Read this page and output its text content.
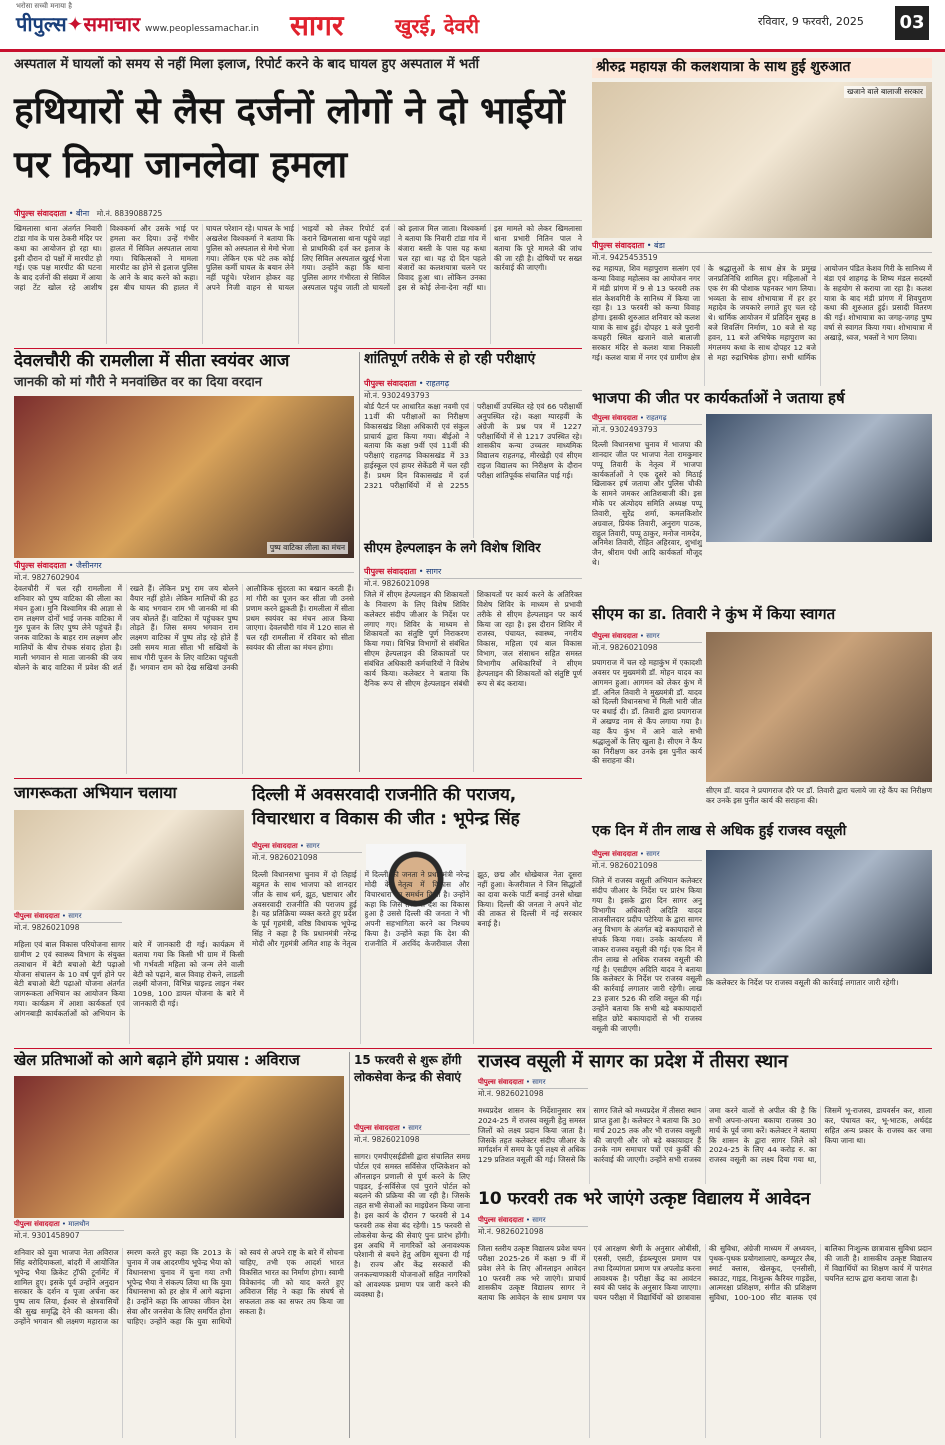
भरोसा सच्ची मनाया है
पीपुल्स✦समाचार www.peoplessamachar.in सागर	खुरई, देवरी	रविवार, 9 फरवरी, 2025 03
अस्पताल में घायलों को समय से नहीं मिला इलाज, रिपोर्ट करने के बाद घायल हुए अस्पताल में भर्ती
हथियारों से लैस दर्जनों लोगों ने दो भाईयों पर किया जानलेवा हमला
पीपुल्स संवाददाता • बीना मो.नं. 8839088725
खिमलासा थाना अंतर्गत निवारी टांडा गांव के पास ठेकरी मंदिर पर कथा का आयोजन हो रहा था। इसी दौरान दो पक्षों में मारपीट हो गई। एक पक्ष मारपीट की घटना के बाद दर्जनों की संख्या में आया जहां टेंट खोल रहे आशीष विश्वकर्मा और उसके भाई पर हमला कर दिया। उन्हें गंभीर हालत में सिविल अस्पताल लाया गया। चिकित्सकों ने मामला मारपीट का होने से इलाज पुलिस के आने के बाद करने को कहा। इस बीच घायल की हालत में घायल परेशान रहे। घायल के भाई अखलेश विश्वकर्मा ने बताया कि पुलिस को अस्पताल से मेमो भेजा गया। लेकिन एक घंटे तक कोई पुलिस कर्मी घायल के बयान लेने नहीं पहुंचे। परेशान होकर वह अपने निजी वाहन से घायल भाइयों को लेकर रिपोर्ट दर्ज कराने खिमलासा थाना पहुंचे जहां से प्राथमिकी दर्ज कर इलाज के लिए सिविल अस्पताल खुरई भेजा गया। उन्होंने कहा कि थाना पुलिस आगर गंभीरता से सिविल अस्पताल पहुंच जाती तो घायलों को इलाज मिल जाता। विश्वकर्मा ने बताया कि निवारी टांडा गांव में बंजारा बस्ती के पास यह कथा चल रहा था। यह दो दिन पहले बंजारों का कलशयात्रा चलने पर विवाद हुआ था। लोकिन उनका इस से कोई लेना-देना नहीं था। इस मामले को लेकर खिमलासा थाना प्रभारी नितिन पाल ने बताया कि पूरे मामले की जांच की जा रही है। दोषियों पर सख्त कार्रवाई की जाएगी।
श्रीरुद्र महायज्ञ की कलशयात्रा के साथ हुई शुरुआत
खजाने वाले बालाजी सरकार
पीपुल्स संवाददाता • बंडा
मो.नं. 9425453519
रुद्र महायज्ञ, शिव महापुराण सत्संग एवं कन्या विवाह महोत्सव का आयोजन नगर में मंडी प्रांगण में 9 से 13 फरवरी तक संत केशवगिरी के सानिध्य में किया जा रहा है। 13 फरवरी को कन्या विवाह होगा। इसकी शुरुआत शनिवार को कलश यात्रा के साथ हुई। दोपहर 1 बजे पुरानी कचहरी स्थित खजाने वाले बालाजी सरकार मंदिर से कलश यात्रा निकाली गई। कलश यात्रा में नगर एवं ग्रामीण क्षेत्र के श्रद्धालुओं के साथ क्षेत्र के प्रमुख जनप्रतिनिधि शामिल हुए। महिलाओं ने एक रंग की पोशाक पहनकर भाग लिया। भव्यता के साथ शोभायात्रा में हर हर महादेव के जयकारे लगाते हुए चल रहे थे। धार्मिक आयोजन में प्रतिदिन सुबह 8 बजे शिवलिंग निर्माण, 10 बजे से यह हवन, 11 बजे अभिषेक महापुराण का मंगलमय कथा के साथ दोपहर 12 बजे से महा रुद्राभिषेक होगा। सभी धार्मिक आयोजन पंडित केशव गिरी के सानिध्य में बंडा एवं शाहगढ़ के शिष्य मंडल सदस्यों के सहयोग से कराया जा रहा है। कलश यात्रा के बाद मंडी प्रांगण में शिवपुराण कथा की शुरुआत हुई। प्रसादी वितरण की गई। शोभायात्रा का जगह-जगह पुष्प वर्षा से स्वागत किया गया। शोभायात्रा में अखाड़े, ध्वज, भक्तों ने भाग लिया।
देवलचौरी की रामलीला में सीता स्वयंवर आज
जानकी को मां गौरी ने मनवांछित वर का दिया वरदान
पुष्प वाटिका लीला का मंचन
पीपुल्स संवाददाता • जैसीनगर
मो.नं. 9827602904
देवलचौरी में चल रही रामलीला में शनिवार को पुष्प वाटिका की लीला का मंचन हुआ। मुनि विश्वामित्र की आज्ञा से राम लक्ष्मण दोनों भाई जनक वाटिका में गुरु पूजन के लिए पुष्प लेने पहुंचते हैं। जनक वाटिका के बाहर राम लक्ष्मण और मालियों के बीच रोचक संवाद होता है। माली भगवान से माता जानकी की जय बोलने के बाद वाटिका में प्रवेश की शर्त रखते हैं। लेकिन प्रभु राम जय बोलने वैयार नहीं होते। लेकिन मालियों की हठ के बाद भगवान राम भी जानकी मां की जय बोलते हैं। वाटिका में पहुंचकर पुष्प तोड़ते हैं। जिस समय भगवान राम लक्ष्मण वाटिका में पुष्प तोड़ रहे होते हैं उसी समय माता सीता भी सखियों के साथ गौरी पूजन के लिए वाटिका पहुंचती हैं। भगवान राम को देख सखियां उनकी आलौकिक सुंदरता का बखान करती हैं। मां गौरी का पूजन कर सीता जी उनसे प्रणाम करने झुकती हैं। रामलीला में सीता प्रथम स्वयंवर का मंचन आज किया जाएगा। देवलचौरी गांव में 120 साल से चल रही रामलीला में रविवार को सीता स्वयंवर की लीला का मंचन होगा।
शांतिपूर्ण तरीके से हो रही परीक्षाएं
पीपुल्स संवाददाता • राहतगढ़
मो.नं. 9302493793
बोर्ड पैटर्न पर आधारित कक्षा नवमी एवं 11वीं की परीक्षाओं का निरीक्षण विकासखंड शिक्षा अधिकारी एवं संकुल प्राचार्य द्वारा किया गया। बीईओ ने बताया कि कक्षा 9वीं एवं 11वीं की परीक्षाएं राहतगढ़ विकासखंड में 33 हाईस्कूल एवं हायर सेकेंडरी में चल रही हैं। प्रथम दिन विकासखंड में दर्ज 2321 परीक्षार्थियों में से 2255 परीक्षार्थी उपस्थित रहे एवं 66 परीक्षार्थी अनुपस्थित रहे। कक्षा ग्यारहवीं के अंग्रेजी के प्रश्न पत्र में 1227 परीक्षार्थियों में से 1217 उपस्थित रहे। शासकीय कन्या उच्चतर माध्यमिक विद्यालय राहतगढ़, मीरखेड़ी एवं सीएम राइज विद्यालय का निरीक्षण के दौरान परीक्षा शांतिपूर्वक संचालित पाई गई।
सीएम हेल्पलाइन के लगे विशेष शिविर
पीपुल्स संवाददाता • सागर
मो.नं. 9826021098
जिले में सीएम हेल्पलाइन की शिकायतों के निवारण के लिए विशेष शिविर कलेक्टर संदीप जीआर के निर्देश पर लगाए गए। शिविर के माध्यम से शिकायतों का संतुष्टि पूर्ण निराकरण किया गया। विभिन्न विभागों से संबंधित सीएम हेल्पलाइन की शिकायतों पर संबंधित अधिकारी कर्मचारियों ने विशेष कार्य किया। कलेक्टर ने बताया कि दैनिक रूप से सीएम हेल्पलाइन संबंधी शिकायतों पर कार्य करने के अतिरिक्त विशेष शिविर के माध्यम से प्रभावी तरीके से सीएम हेल्पलाइन पर कार्य किया जा रहा है। इस दौरान शिविर में राजस्व, पंचायत, स्वास्थ्य, नगरीय विकास, महिला एवं बाल विकास विभाग, जल संसाधन सहित समस्त विभागीय अधिकारियों ने सीएम हेल्पलाइन की शिकायतों को संतुष्टि पूर्ण रूप से बंद कराया।
भाजपा की जीत पर कार्यकर्ताओं ने जताया हर्ष
पीपुल्स संवाददाता • राहतगढ़
मो.नं. 9302493793
दिल्ली विधानसभा चुनाव में भाजपा की शानदार जीत पर भाजपा नेता रामकुमार पप्पू तिवारी के नेतृत्व में भाजपा कार्यकर्ताओं ने एक दूसरे को मिठाई खिलाकर हर्ष जताया और पुलिस चौकी के सामने जमकर आतिशबाजी की। इस मौके पर अंत्योदय समिति अध्यक्ष पप्पू तिवारी, सुरेंद्र शर्मा, कमलकिशोर अग्रवाल, प्रियंक तिवारी, अनुराग पाठक, राहुल तिवारी, पप्पू ठाकुर, मनोज नामदेव, अनिमेश तिवारी, रोहित अहिरवार, शुभांशु जैन, श्रीराम पंथी आदि कार्यकर्ता मौजूद थे।
सीएम का डा. तिवारी ने कुंभ में किया स्वागत
पीपुल्स संवाददाता • सागर
मो.नं. 9826021098
प्रयागराज में चल रहे महाकुंभ में एकादशी अवसर पर मुख्यमंत्री डॉ. मोहन यादव का आगमन हुआ। आगमन को लेकर कुंभ में डॉ. अनिल तिवारी ने मुख्यमंत्री डॉ. यादव को दिल्ली विधानसभा में मिली भारी जीत पर बधाई दी। डॉ. तिवारी द्वारा प्रयागराज में अखण्ड नाम से कैंप लगाया गया है। वह कैंप कुंभ में आने वाले सभी श्रद्धालुओं के लिए खुला है। सीएम ने कैंप का निरीक्षण कर उनके इस पुनीत कार्य की सराहना की।
सीएम डॉ. यादव ने प्रयागराज दौरे पर डॉ. तिवारी द्वारा चलाये जा रहे कैंप का निरीक्षण कर उनके इस पुनीत कार्य की सराहना की।
जागरूकता अभियान चलाया
पीपुल्स संवाददाता • सागर
मो.नं. 9826021098
महिला एवं बाल विकास परियोजना सागर ग्रामीण 2 एवं स्वास्थ्य विभाग के संयुक्त तत्वाधान में बेटी बचाओ बेटी पढ़ाओ योजना संचालन के 10 वर्ष पूर्ण होने पर बेटी बचाओ बेटी पढ़ाओ योजना अंतर्गत जागरूकता अभियान का आयोजन किया गया। कार्यक्रम में आशा कार्यकर्ता एवं आंगनबाड़ी कार्यकर्ताओं को अभियान के बारे में जानकारी दी गई। कार्यक्रम में बताया गया कि किसी भी ग्राम में किसी भी गर्भवती महिला को जन्म लेने वाली बेटी को पढ़ाने, बाल विवाह रोकने, लाडली लक्ष्मी योजना, विभिन्न चाइल्ड लाइन नंबर 1098, 100 डायल योजना के बारे में जानकारी दी गई।
दिल्ली में अवसरवादी राजनीति की पराजय, विचारधारा व विकास की जीत : भूपेन्द्र सिंह
पीपुल्स संवाददाता • सागर
मो.नं. 9826021098
दिल्ली विधानसभा चुनाव में दो तिहाई बहुमत के साथ भाजपा को शानदार जीत के साथ धर्म, झूठ, भ्रष्टाचार और अवसरवादी राजनीति की पराजय हुई है। यह प्रतिक्रिया व्यक्त करते हुए प्रदेश के पूर्व गृहमंत्री, वरिष्ठ विधायक भूपेन्द्र सिंह ने कहा है कि प्रधानमंत्री नरेन्द्र मोदी और गृहमंत्री अमित शाह के नेतृत्व में दिल्ली की जनता ने प्रधानमंत्री नरेन्द्र मोदी के नेतृत्व में विकास और विचारधारा का समर्थन किया है। उन्होंने कहा कि जिस तेजी से देश का विकास हुआ है उससे दिल्ली की जनता ने भी अपनी सहभागिता करने का निश्चय किया है। उन्होंने कहा कि देश की राजनीति में अरविंद केजरीवाल जैसा झूठ, छद्म और धोखेबाज नेता दूसरा नहीं हुआ। केजरीवाल ने जिन सिद्धांतों का दावा करके पार्टी बनाई उनसे धोखा किया। दिल्ली की जनता ने अपने वोट की ताकत से दिल्ली में नई सरकार बनाई है।
एक दिन में तीन लाख से अधिक हुई राजस्व वसूली
पीपुल्स संवाददाता • सागर
मो.नं. 9826021098
जिले में राजस्व वसूली अभियान कलेक्टर संदीप जीआर के निर्देश पर प्रारंभ किया गया है। इसके द्वारा दिन सागर अनु विभागीय अधिकारी अदिति यादव ताजसीलदार प्रदीप पटेरिया के द्वारा सागर अनु विभाग के अंतर्गत बड़े बकायादारों से संपर्क किया गया। उनके कार्यालय में जाकर राजस्व वसूली की गई। एक दिन में तीन लाख से अधिक राजस्व वसूली की गई है। एसडीएम अदिति यादव ने बताया कि कलेक्टर के निर्देश पर राजस्व वसूली की कार्रवाई लगातार जारी रहेगी। लाख 23 हजार 526 की राशि वसूल की गई। उन्होंने बताया कि सभी बड़े बकायादारों सहित छोटे बकायादारों से भी राजस्व वसूली की जाएगी।
कि कलेक्टर के निर्देश पर राजस्व वसूली की कार्रवाई लगातार जारी रहेगी।
खेल प्रतिभाओं को आगे बढ़ाने होंगे प्रयास : अविराज
पीपुल्स संवाददाता • मालथौन
मो.नं. 9301458907
शनिवार को युवा भाजपा नेता अविराज सिंह बरोदियाकलां, बांदरी में आयोजित भूपेन्द्र भैया क्रिकेट ट्रॉफी टूर्नामेंट में शामिल हुए। इसके पूर्व उन्होंने अनुदान सरकार के दर्शन व पूजा अर्चना कर पुष्प लाय लिया, ईश्वर से क्षेत्रवासियों की सुख समृद्धि देने की कामना की। उन्होंने भगवान श्री लक्ष्मण महाराज का स्मरण करते हुए कहा कि 2013 के चुनाव में जब आदरणीय भूपेन्द्र भैया को विधानसभा चुनाव में चुना गया तभी भूपेन्द्र भैया ने संकल्प लिया था कि युवा विधानसभा को हर क्षेत्र में आगे बढ़ाना है। उन्होंने कहा कि आपका जीवन देश सेवा और जनसेवा के लिए समर्पित होना चाहिए। उन्होंने कहा कि युवा साथियों को स्वयं से अपने राष्ट्र के बारे में सोचना चाहिए, तभी एक आदर्श भारत विकसित भारत का निर्माण होगा। स्वामी विवेकानंद जी को याद करते हुए अविराज सिंह ने कहा कि संघर्ष से सफलता तक का सफर तय किया जा सकता है।
15 फरवरी से शुरू होंगी लोकसेवा केन्द्र की सेवाएं
पीपुल्स संवाददाता • सागर
मो.नं. 9826021098
सागर। एमपीएसईडीसी द्वारा संचालित समग्र पोर्टल एवं समस्त सर्विसेज एप्लिकेशन को ऑनलाइन प्रणाली से पूर्ण करने के लिए पाइडर, ई-सर्विसेज एवं पुराने पोर्टल को बदलने की प्रक्रिया की जा रही है। जिसके तहत सभी सेवाओं का माइग्रेशन किया जाना है। इस कार्य के दौरान 7 फरवरी से 14 फरवरी तक सेवा बंद रहेगी। 15 फरवरी से लोकसेवा केन्द्र की सेवाएं पुनः प्रारंभ होंगी। इस अवधि में नागरिकों को अनावश्यक परेशानी से बचने हेतु अग्रिम सूचना दी गई है। राज्य और केंद्र सरकारों की जनकल्याणकारी योजनाओं सहित नागरिकों को आवश्यक प्रमाण पत्र जारी करने की व्यवस्था है।
राजस्व वसूली में सागर का प्रदेश में तीसरा स्थान
पीपुल्स संवाददाता • सागर
मो.नं. 9826021098
मध्यप्रदेश शासन के निर्देशानुसार सत्र 2024-25 में राजस्व वसूली हेतु समस्त जिलों को लक्ष्य प्रदान किया जाता है। जिसके तहत कलेक्टर संदीप जीआर के मार्गदर्शन में समय के पूर्व लक्ष्य से अधिक 129 प्रतिशत वसूली की गई। जिससे कि सागर जिले को मध्यप्रदेश में तीसरा स्थान प्राप्त हुआ है। कलेक्टर ने बताया कि 30 मार्च 2025 तक और भी राजस्व वसूली की जाएगी और जो बड़े बकायादार हैं उनके नाम समाचार पत्रों एवं कुर्की की कार्रवाई की जाएगी। उन्होंने सभी राजस्व जमा करने वालों से अपील की है कि सभी अपना-अपना बकाया राजस्व 30 मार्च के पूर्व जमा करें। कलेक्टर ने बताया कि शासन के द्वारा सागर जिले को 2024-25 के लिए 44 करोड़ रु. का राजस्व वसूली का लक्ष्य दिया गया था, जिसमें भू-राजस्व, डायवर्सन कर, शाला कर, पंचायत कर, भू-भाटक, अर्थदंड सहित अन्य प्रकार के राजस्व कर जमा किया जाना था।
10 फरवरी तक भरे जाएंगे उत्कृष्ट विद्यालय में आवेदन
पीपुल्स संवाददाता • सागर
मो.नं. 9826021098
जिला स्तरीय उत्कृष्ट विद्यालय प्रवेश चयन परीक्षा 2025-26 में कक्षा 9 वीं में प्रवेश लेने के लिए ऑनलाइन आवेदन 10 फरवरी तक भरे जाएंगे। प्राचार्य शासकीय उत्कृष्ट विद्यालय सागर ने बताया कि आवेदन के साथ प्रमाण पत्र एवं आरक्षण श्रेणी के अनुसार ओबीसी, एससी, एसटी, ईडब्ल्यूएस प्रमाण पत्र तथा दिव्यांगता प्रमाण पत्र अपलोड करना आवश्यक है। परीक्षा केंद्र का आवंटन स्वयं की पसंद के अनुसार किया जाएगा। चयन परीक्षा में विद्यार्थियों को छात्रावास की सुविधा, अंग्रेजी माध्यम में अध्ययन, पृथक-पृथक प्रयोगशालाएं, कम्प्यूटर लैब, स्मार्ट क्लास, खेलकूद, एनसीसी, स्काउट, गाइड, निःशुल्क कैरियर गाइडेंस, आत्मरक्षा प्रशिक्षण, संगीत की प्रशिक्षण सुविधा, 100-100 सीट बालक एवं बालिका निःशुल्क छात्रावास सुविधा प्रदान की जाती है। शासकीय उत्कृष्ट विद्यालय में विद्यार्थियों का शिक्षण कार्य में पारंगत चयनित स्टाफ द्वारा कराया जाता है।
